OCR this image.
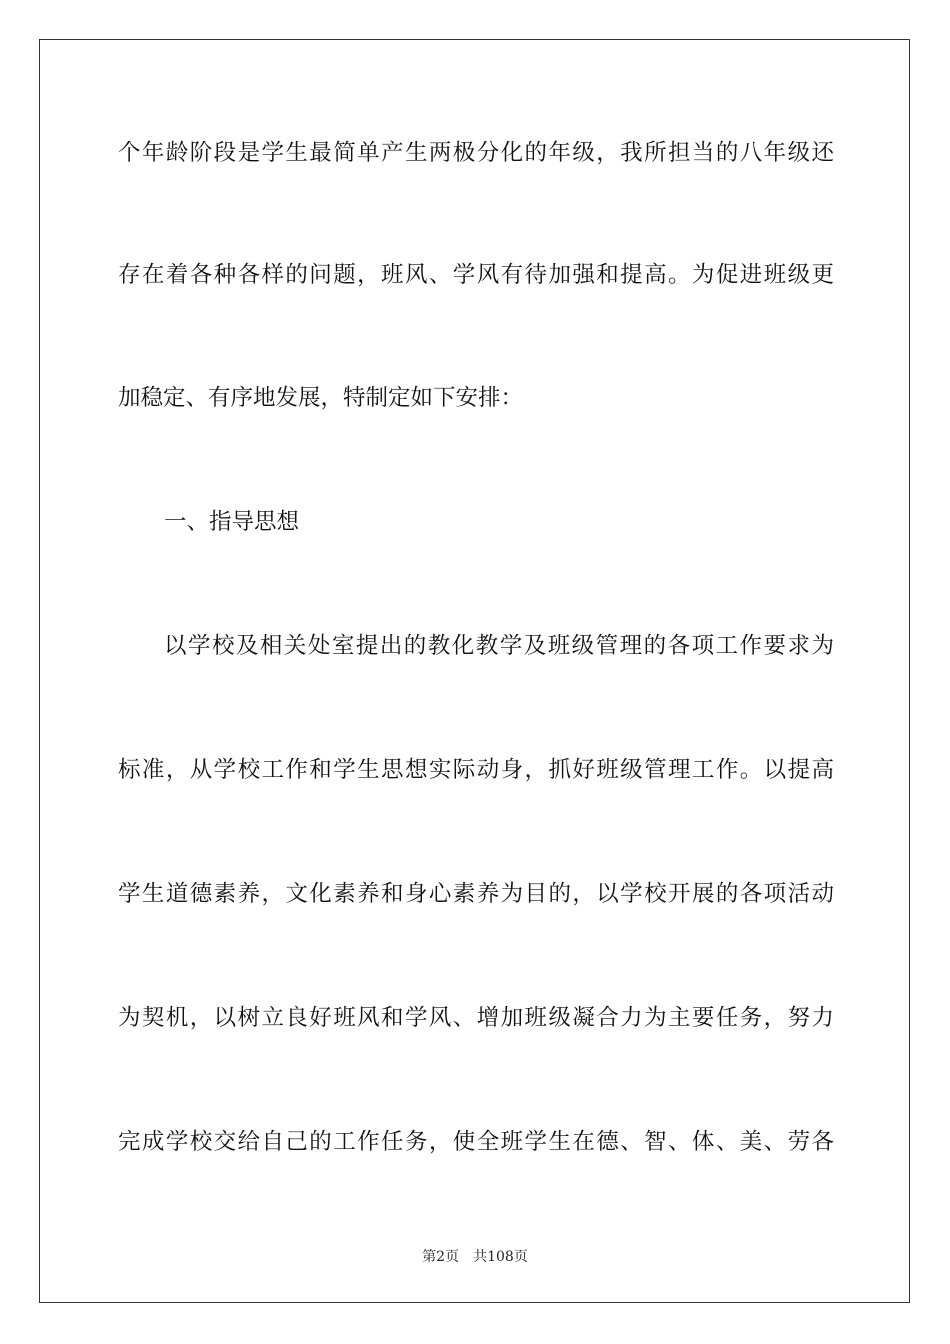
个年龄阶段是学生最简单产生两极分化的年级，我所担当的八年级还
存在着各种各样的问题，班风、学风有待加强和提高。为促进班级更
加稳定、有序地发展，特制定如下安排：
一、指导思想
以学校及相关处室提出的教化教学及班级管理的各项工作要求为
标准，从学校工作和学生思想实际动身，抓好班级管理工作。以提高
学生道德素养，文化素养和身心素养为目的，以学校开展的各项活动
为契机，以树立良好班风和学风、增加班级凝合力为主要任务，努力
完成学校交给自己的工作任务，使全班学生在德、智、体、美、劳各
第2页 共108页
